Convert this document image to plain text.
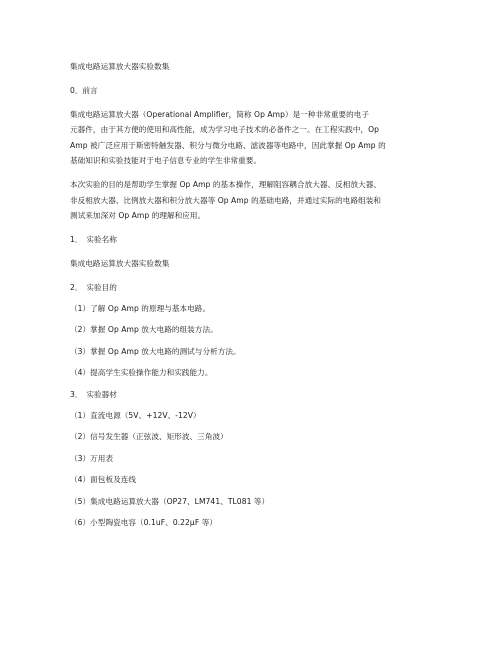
集成电路运算放大器实验数集
0．前言
集成电路运算放大器（Operational Amplifier，简称 Op Amp）是一种非常重要的电子
元器件，由于其方便的使用和高性能，成为学习电子技术的必备件之一。在工程实践中，Op
Amp 被广泛应用于斯密特触发器、积分与微分电路、滤波器等电路中，因此掌握 Op Amp 的
基础知识和实验技能对于电子信息专业的学生非常重要。
本次实验的目的是帮助学生掌握 Op Amp 的基本操作，理解阻容耦合放大器、反相放大器、
非反相放大器、比例放大器和积分放大器等 Op Amp 的基础电路，并通过实际的电路组装和
测试来加深对 Op Amp 的理解和应用。
1．　实验名称
集成电路运算放大器实验数集
2．　实验目的
（1）了解 Op Amp 的原理与基本电路。
（2）掌握 Op Amp 放大电路的组装方法。
（3）掌握 Op Amp 放大电路的测试与分析方法。
（4）提高学生实验操作能力和实践能力。
3．　实验器材
（1）直流电源（5V、+12V、-12V）
（2）信号发生器（正弦波、矩形波、三角波）
（3）万用表
（4）面包板及连线
（5）集成电路运算放大器（OP27、LM741、TL081 等）
（6）小型陶瓷电容（0.1uF、0.22μF 等）
